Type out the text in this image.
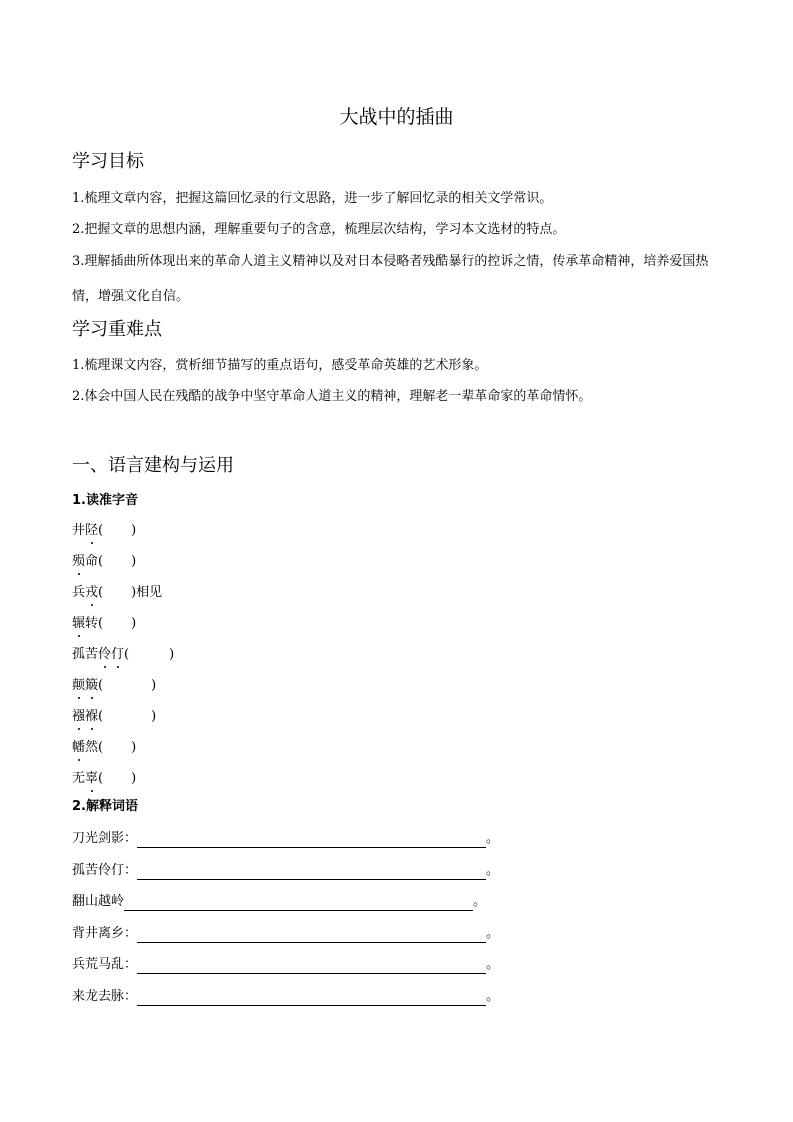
大战中的插曲
学习目标
1.梳理文章内容，把握这篇回忆录的行文思路，进一步了解回忆录的相关文学常识。
2.把握文章的思想内涵，理解重要句子的含意，梳理层次结构，学习本文选材的特点。
3.理解插曲所体现出来的革命人道主义精神以及对日本侵略者残酷暴行的控诉之情，传承革命精神，培养爱国热情，增强文化自信。
学习重难点
1.梳理课文内容，赏析细节描写的重点语句，感受革命英雄的艺术形象。
2.体会中国人民在残酷的战争中坚守革命人道主义的精神，理解老一辈革命家的革命情怀。
一、语言建构与运用
1.读准字音
井陉( )
殒命( )
兵戎( )相见
辗转( )
孤苦伶仃(	)
颠簸(	)
襁褓(	)
幡然( )
无辜( )
2.解释词语
刀光剑影：	。
孤苦伶仃：	。
翻山越岭	。
背井离乡：	。
兵荒马乱：	。
来龙去脉：	。
